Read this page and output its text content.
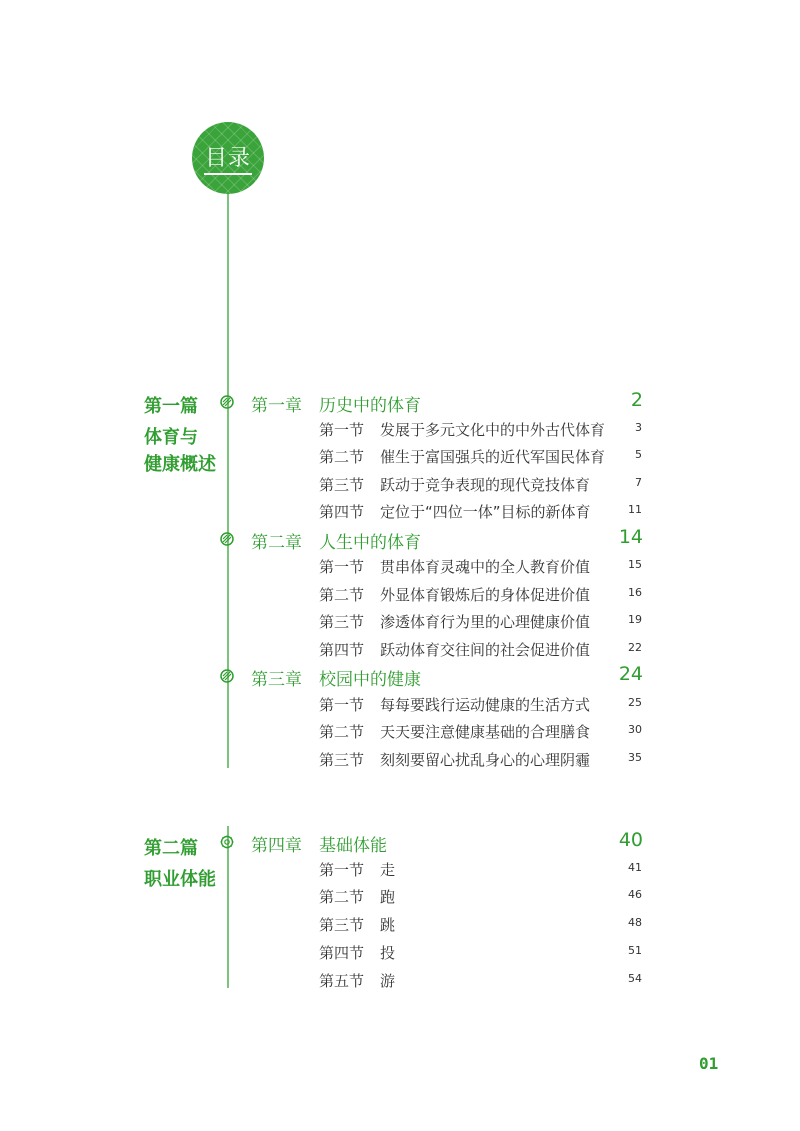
目录
第一篇
体育与
健康概述
第一章 历史中的体育	2
第一节 发展于多元文化中的中外古代体育	3
第二节 催生于富国强兵的近代军国民体育	5
第三节 跃动于竞争表现的现代竞技体育	7
第四节 定位于“四位一体”目标的新体育	11
第二章 人生中的体育	14
第一节 贯串体育灵魂中的全人教育价值	15
第二节 外显体育锻炼后的身体促进价值	16
第三节 渗透体育行为里的心理健康价值	19
第四节 跃动体育交往间的社会促进价值	22
第三章 校园中的健康	24
第一节 每每要践行运动健康的生活方式	25
第二节 天天要注意健康基础的合理膳食	30
第三节 刻刻要留心扰乱身心的心理阴霾	35
第二篇
职业体能
第四章 基础体能	40
第一节 走	41
第二节 跑	46
第三节 跳	48
第四节 投	51
第五节 游	54
01
